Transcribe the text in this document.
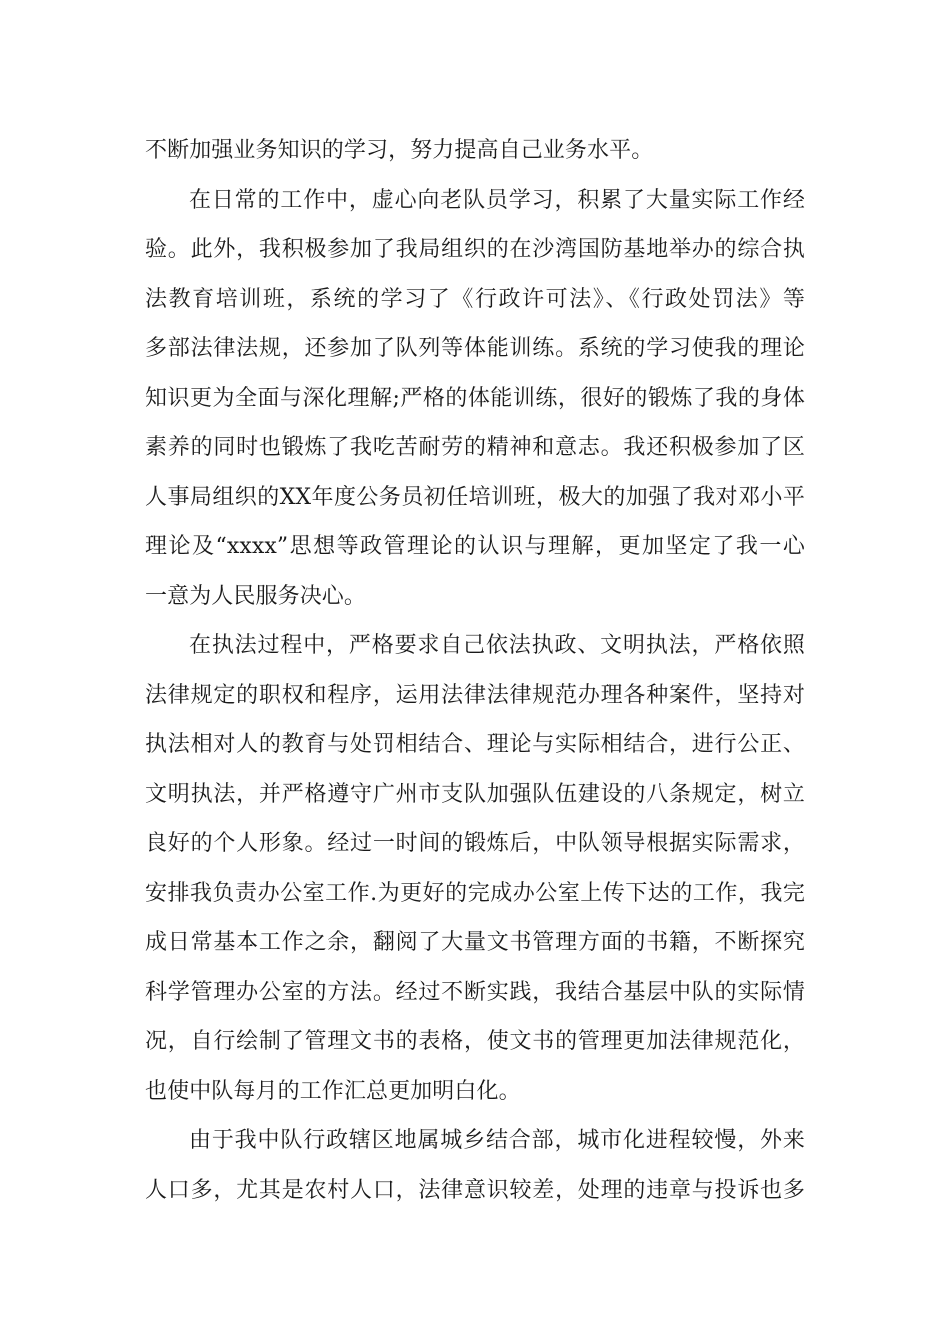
不断加强业务知识的学习，努力提高自己业务水平。
在日常的工作中，虚心向老队员学习，积累了大量实际工作经
验。此外，我积极参加了我局组织的在沙湾国防基地举办的综合执
法教育培训班，系统的学习了《行政许可法》、《行政处罚法》等
多部法律法规，还参加了队列等体能训练。系统的学习使我的理论
知识更为全面与深化理解;严格的体能训练，很好的锻炼了我的身体
素养的同时也锻炼了我吃苦耐劳的精神和意志。我还积极参加了区
人事局组织的XX年度公务员初任培训班，极大的加强了我对邓小平
理论及“xxxx”思想等政管理论的认识与理解，更加坚定了我一心
一意为人民服务决心。
在执法过程中，严格要求自己依法执政、文明执法，严格依照
法律规定的职权和程序，运用法律法律规范办理各种案件，坚持对
执法相对人的教育与处罚相结合、理论与实际相结合，进行公正、
文明执法，并严格遵守广州市支队加强队伍建设的八条规定，树立
良好的个人形象。经过一时间的锻炼后，中队领导根据实际需求，
安排我负责办公室工作.为更好的完成办公室上传下达的工作，我完
成日常基本工作之余，翻阅了大量文书管理方面的书籍，不断探究
科学管理办公室的方法。经过不断实践，我结合基层中队的实际情
况，自行绘制了管理文书的表格，使文书的管理更加法律规范化，
也使中队每月的工作汇总更加明白化。
由于我中队行政辖区地属城乡结合部，城市化进程较慢，外来
人口多，尤其是农村人口，法律意识较差，处理的违章与投诉也多
